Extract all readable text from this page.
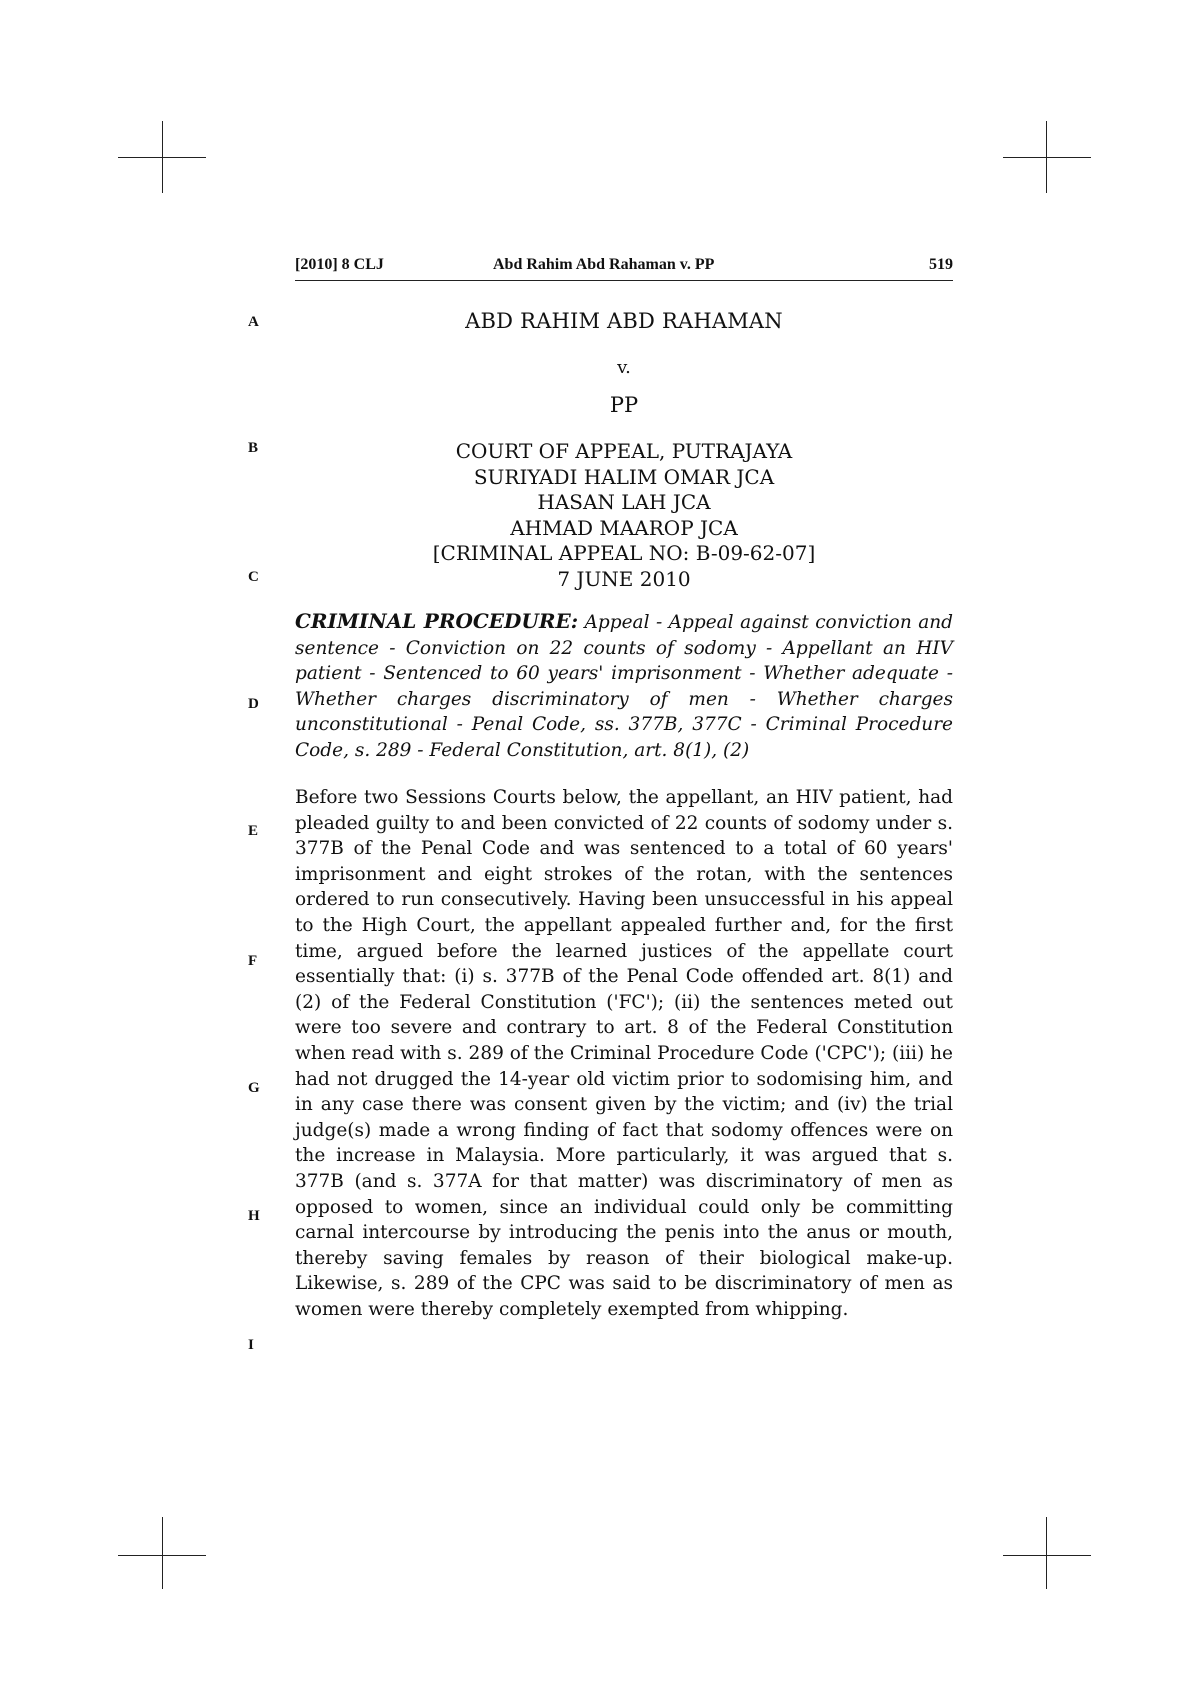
[2010] 8 CLJ	Abd Rahim Abd Rahaman v. PP	519
A
B
C
D
E
F
G
H
I
ABD RAHIM ABD RAHAMAN
v.
PP
COURT OF APPEAL, PUTRAJAYA
SURIYADI HALIM OMAR JCA
HASAN LAH JCA
AHMAD MAAROP JCA
[CRIMINAL APPEAL NO: B-09-62-07]
7 JUNE 2010
CRIMINAL PROCEDURE: Appeal - Appeal against conviction and sentence - Conviction on 22 counts of sodomy - Appellant an HIV patient - Sentenced to 60 years' imprisonment - Whether adequate - Whether charges discriminatory of men - Whether charges unconstitutional - Penal Code, ss. 377B, 377C - Criminal Procedure Code, s. 289 - Federal Constitution, art. 8(1), (2)
Before two Sessions Courts below, the appellant, an HIV patient, had pleaded guilty to and been convicted of 22 counts of sodomy under s. 377B of the Penal Code and was sentenced to a total of 60 years' imprisonment and eight strokes of the rotan, with the sentences ordered to run consecutively. Having been unsuccessful in his appeal to the High Court, the appellant appealed further and, for the first time, argued before the learned justices of the appellate court essentially that: (i) s. 377B of the Penal Code offended art. 8(1) and (2) of the Federal Constitution ('FC'); (ii) the sentences meted out were too severe and contrary to art. 8 of the Federal Constitution when read with s. 289 of the Criminal Procedure Code ('CPC'); (iii) he had not drugged the 14-year old victim prior to sodomising him, and in any case there was consent given by the victim; and (iv) the trial judge(s) made a wrong finding of fact that sodomy offences were on the increase in Malaysia. More particularly, it was argued that s. 377B (and s. 377A for that matter) was discriminatory of men as opposed to women, since an individual could only be committing carnal intercourse by introducing the penis into the anus or mouth, thereby saving females by reason of their biological make-up. Likewise, s. 289 of the CPC was said to be discriminatory of men as women were thereby completely exempted from whipping.
